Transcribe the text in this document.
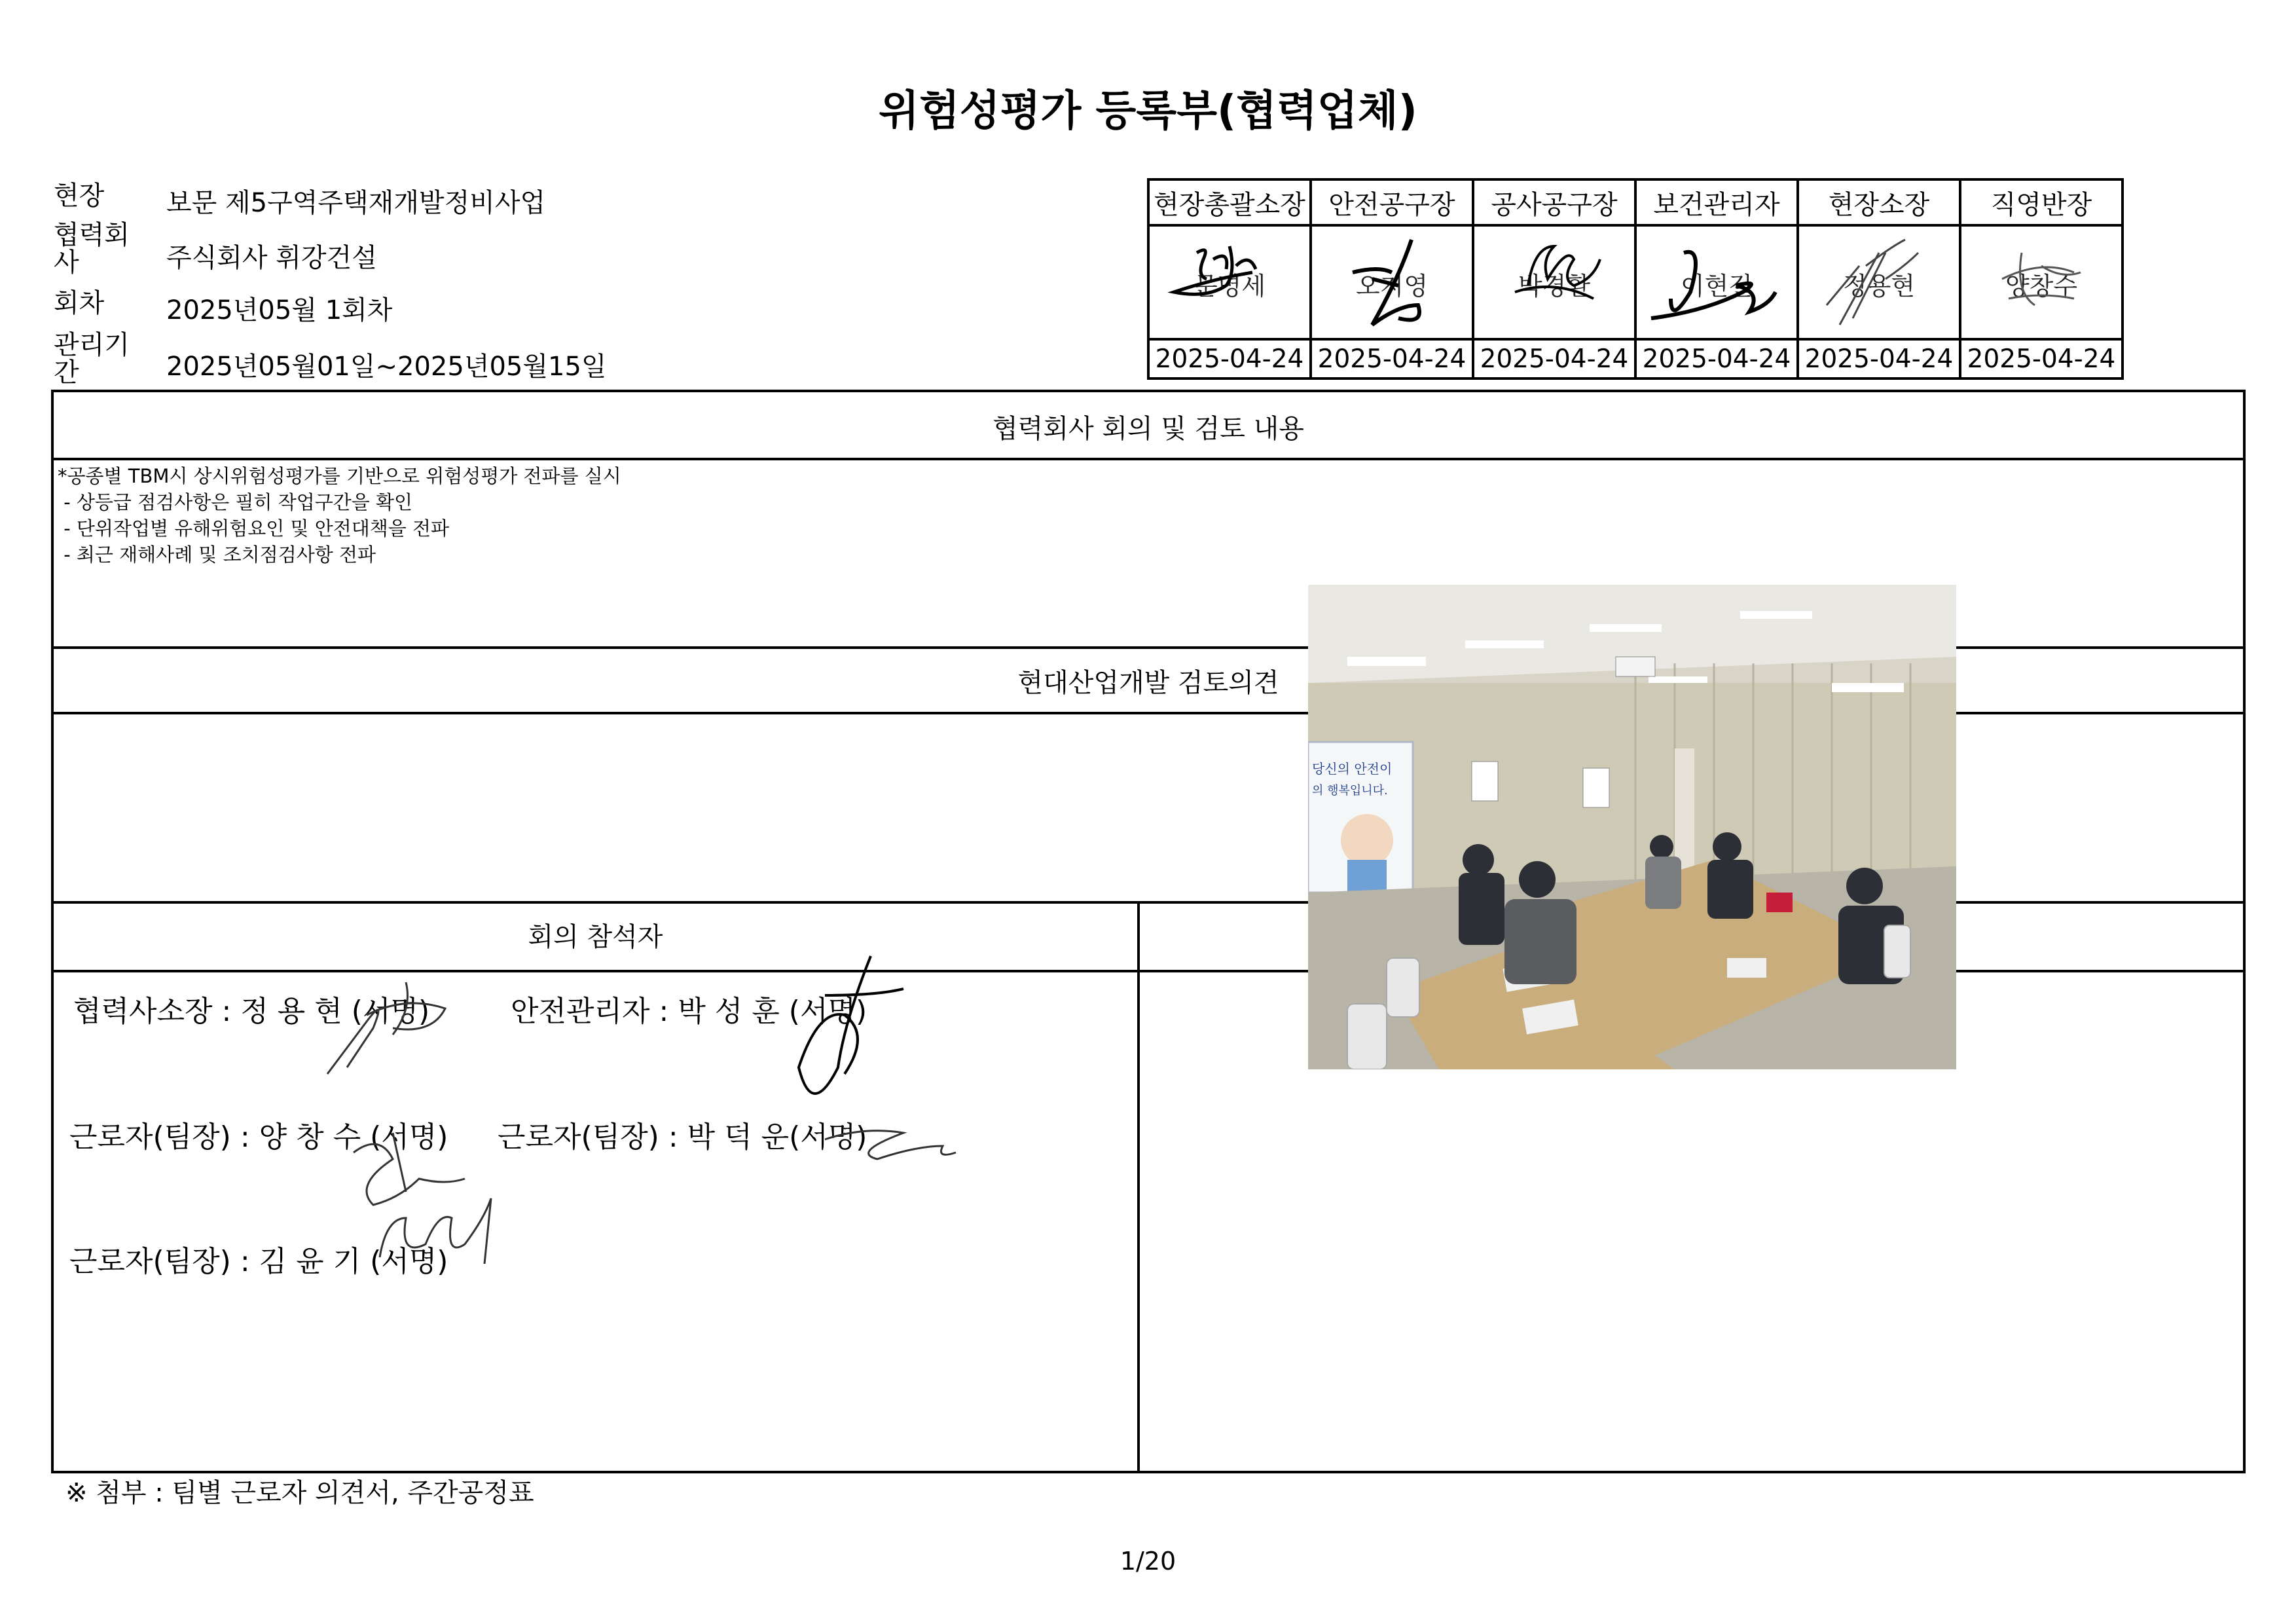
위험성평가 등록부(협력업체)
현장	보문 제5구역주택재개발정비사업
협력회사	주식회사 휘강건설
회차	2025년05월 1회차
관리기간	2025년05월01일~2025년05월15일
현장총괄소장	안전공구장	공사공구장	보건관리자	현장소장	직영반장

문명세	오지영	박경환	이현길	정용현	양창수

2025-04-24	2025-04-24	2025-04-24	2025-04-24	2025-04-24	2025-04-24
협력회사 회의 및 검토 내용
*공종별 TBM시 상시위험성평가를 기반으로 위험성평가 전파를 실시
- 상등급 점검사항은 필히 작업구간을 확인
- 단위작업별 유해위험요인 및 안전대책을 전파
- 최근 재해사례 및 조치점검사항 전파
현대산업개발 검토의견
회의 참석자
협력사소장 : 정 용 현 (서명)	안전관리자 : 박 성 훈 (서명)
근로자(팀장) : 양 창 수 (서명) 근로자(팀장) : 박 덕 운(서명)
근로자(팀장) : 김 윤 기 (서명)
당신의 안전이
의 행복입니다.
※ 첨부 : 팀별 근로자 의견서, 주간공정표
1/20
